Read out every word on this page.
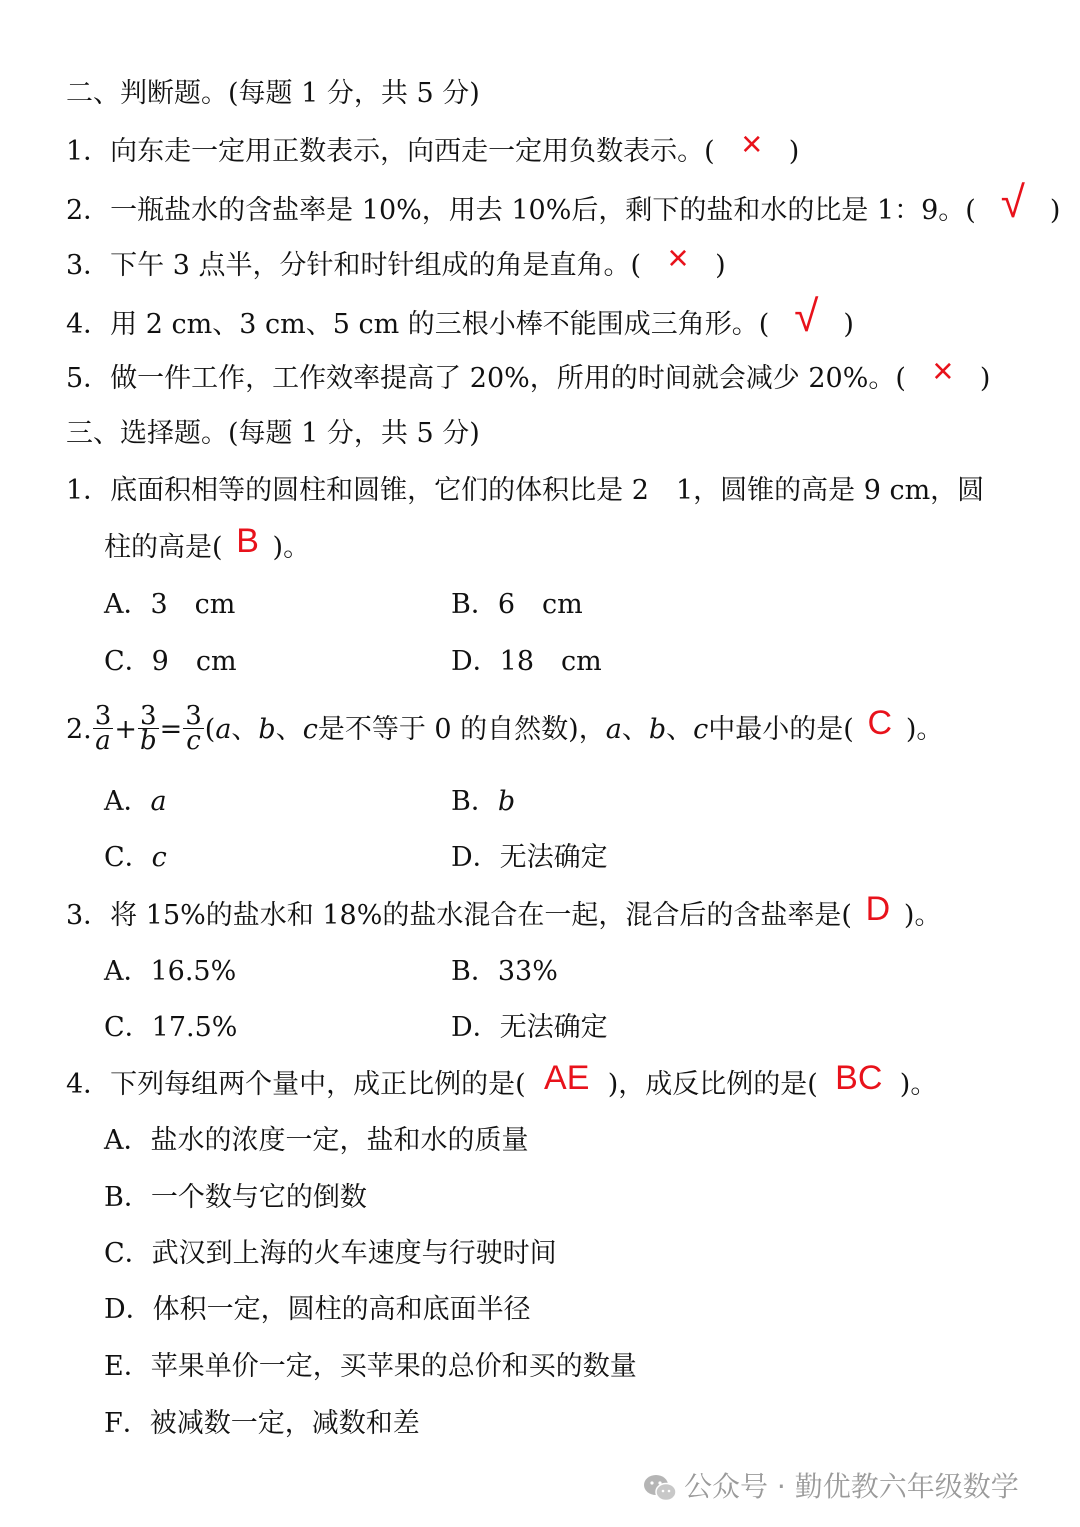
二、判断题。(每题 1 分，共 5 分)
1．向东走一定用正数表示，向西走一定用负数表示。( × )
2．一瓶盐水的含盐率是 10%，用去 10%后，剩下的盐和水的比是 1：9。( √ )
3．下午 3 点半，分针和时针组成的角是直角。( × )
4．用 2 cm、3 cm、5 cm 的三根小棒不能围成三角形。( √ )
5．做一件工作，工作效率提高了 20%，所用的时间就会减少 20%。( × )
三、选择题。(每题 1 分，共 5 分)
1．底面积相等的圆柱和圆锥，它们的体积比是 2　1，圆锥的高是 9 cm，圆
柱的高是( B )。
A．3　cm	B．6　cm
C．9　cm	D．18　cm
2. $\frac{3}{a} + \frac{3}{b} = \frac{3}{c} (a$、b、c是不等于 0 的自然数)，a、b、c中最小的是( C )。
A．a	B．b
C．c	D．无法确定
3．将 15%的盐水和 18%的盐水混合在一起，混合后的含盐率是( D )。
A．16.5%	B．33%
C．17.5%	D．无法确定
4．下列每组两个量中，成正比例的是( AE )，成反比例的是( BC )。
A．盐水的浓度一定，盐和水的质量
B．一个数与它的倒数
C．武汉到上海的火车速度与行驶时间
D．体积一定，圆柱的高和底面半径
E．苹果单价一定，买苹果的总价和买的数量
F．被减数一定，减数和差
公众号 · 勤优教六年级数学
